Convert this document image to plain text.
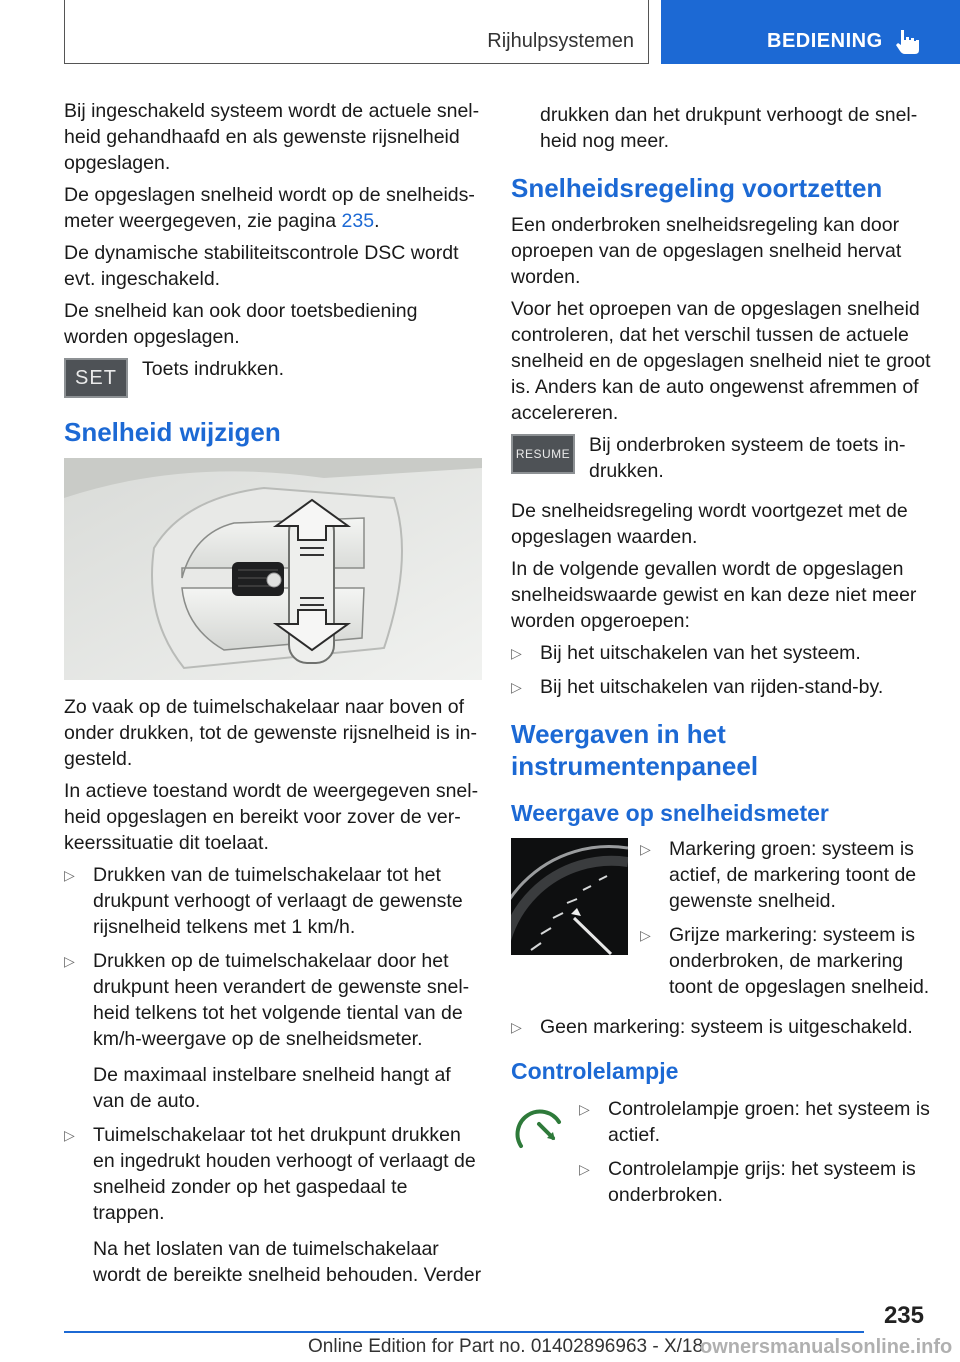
Rijhulpsystemen	BEDIENING

Bij ingeschakeld systeem wordt de actuele snelheid gehandhaafd en als gewenste rijsnelheid opgeslagen.

De opgeslagen snelheid wordt op de snelheidsmeter weergegeven, zie pagina 235.

De dynamische stabiliteitscontrole DSC wordt evt. ingeschakeld.

De snelheid kan ook door toetsbediening worden opgeslagen.

SET	Toets indrukken.
Snelheid wijzigen

Zo vaak op de tuimelschakelaar naar boven of onder drukken, tot de gewenste rijsnelheid is ingesteld.

In actieve toestand wordt de weergegeven snelheid opgeslagen en bereikt voor zover de verkeerssituatie dit toelaat.

▷ Drukken van de tuimelschakelaar tot het drukpunt verhoogt of verlaagt de gewenste rijsnelheid telkens met 1 km/h.
▷ Drukken op de tuimelschakelaar door het drukpunt heen verandert de gewenste snelheid telkens tot het volgende tiental van de km/h-weergave op de snelheidsmeter.

De maximaal instelbare snelheid hangt af van de auto.

▷ Tuimelschakelaar tot het drukpunt drukken en ingedrukt houden verhoogt of verlaagt de snelheid zonder op het gaspedaal te trappen.

Na het loslaten van de tuimelschakelaar wordt de bereikte snelheid behouden. Verder

drukken dan het drukpunt verhoogt de snelheid nog meer.

Snelheidsregeling voortzetten

Een onderbroken snelheidsregeling kan door oproepen van de opgeslagen snelheid hervat worden.

Voor het oproepen van de opgeslagen snelheid controleren, dat het verschil tussen de actuele snelheid en de opgeslagen snelheid niet te groot is. Anders kan de auto ongewenst afremmen of accelereren.

RESUME Bij onderbroken systeem de toets indrukken.

De snelheidsregeling wordt voortgezet met de opgeslagen waarden.

In de volgende gevallen wordt de opgeslagen snelheidswaarde gewist en kan deze niet meer worden opgeroepen:

▷ Bij het uitschakelen van het systeem.
▷ Bij het uitschakelen van rijden-stand-by.
Weergaven in het instrumentenpaneel
Weergave op snelheidsmeter
▷ Markering groen: systeem is actief, de markering toont de gewenste snelheid.
▷ Grijze markering: systeem is onderbroken, de markering toont de opgeslagen snelheid.
▷ Geen markering: systeem is uitgeschakeld.
Controlelampje
▷ Controlelampje groen: het systeem is actief.
▷ Controlelampje grijs: het systeem is onderbroken.
235
Online Edition for Part no. 01402896963 - X/18
ownersmanualsonline.info
